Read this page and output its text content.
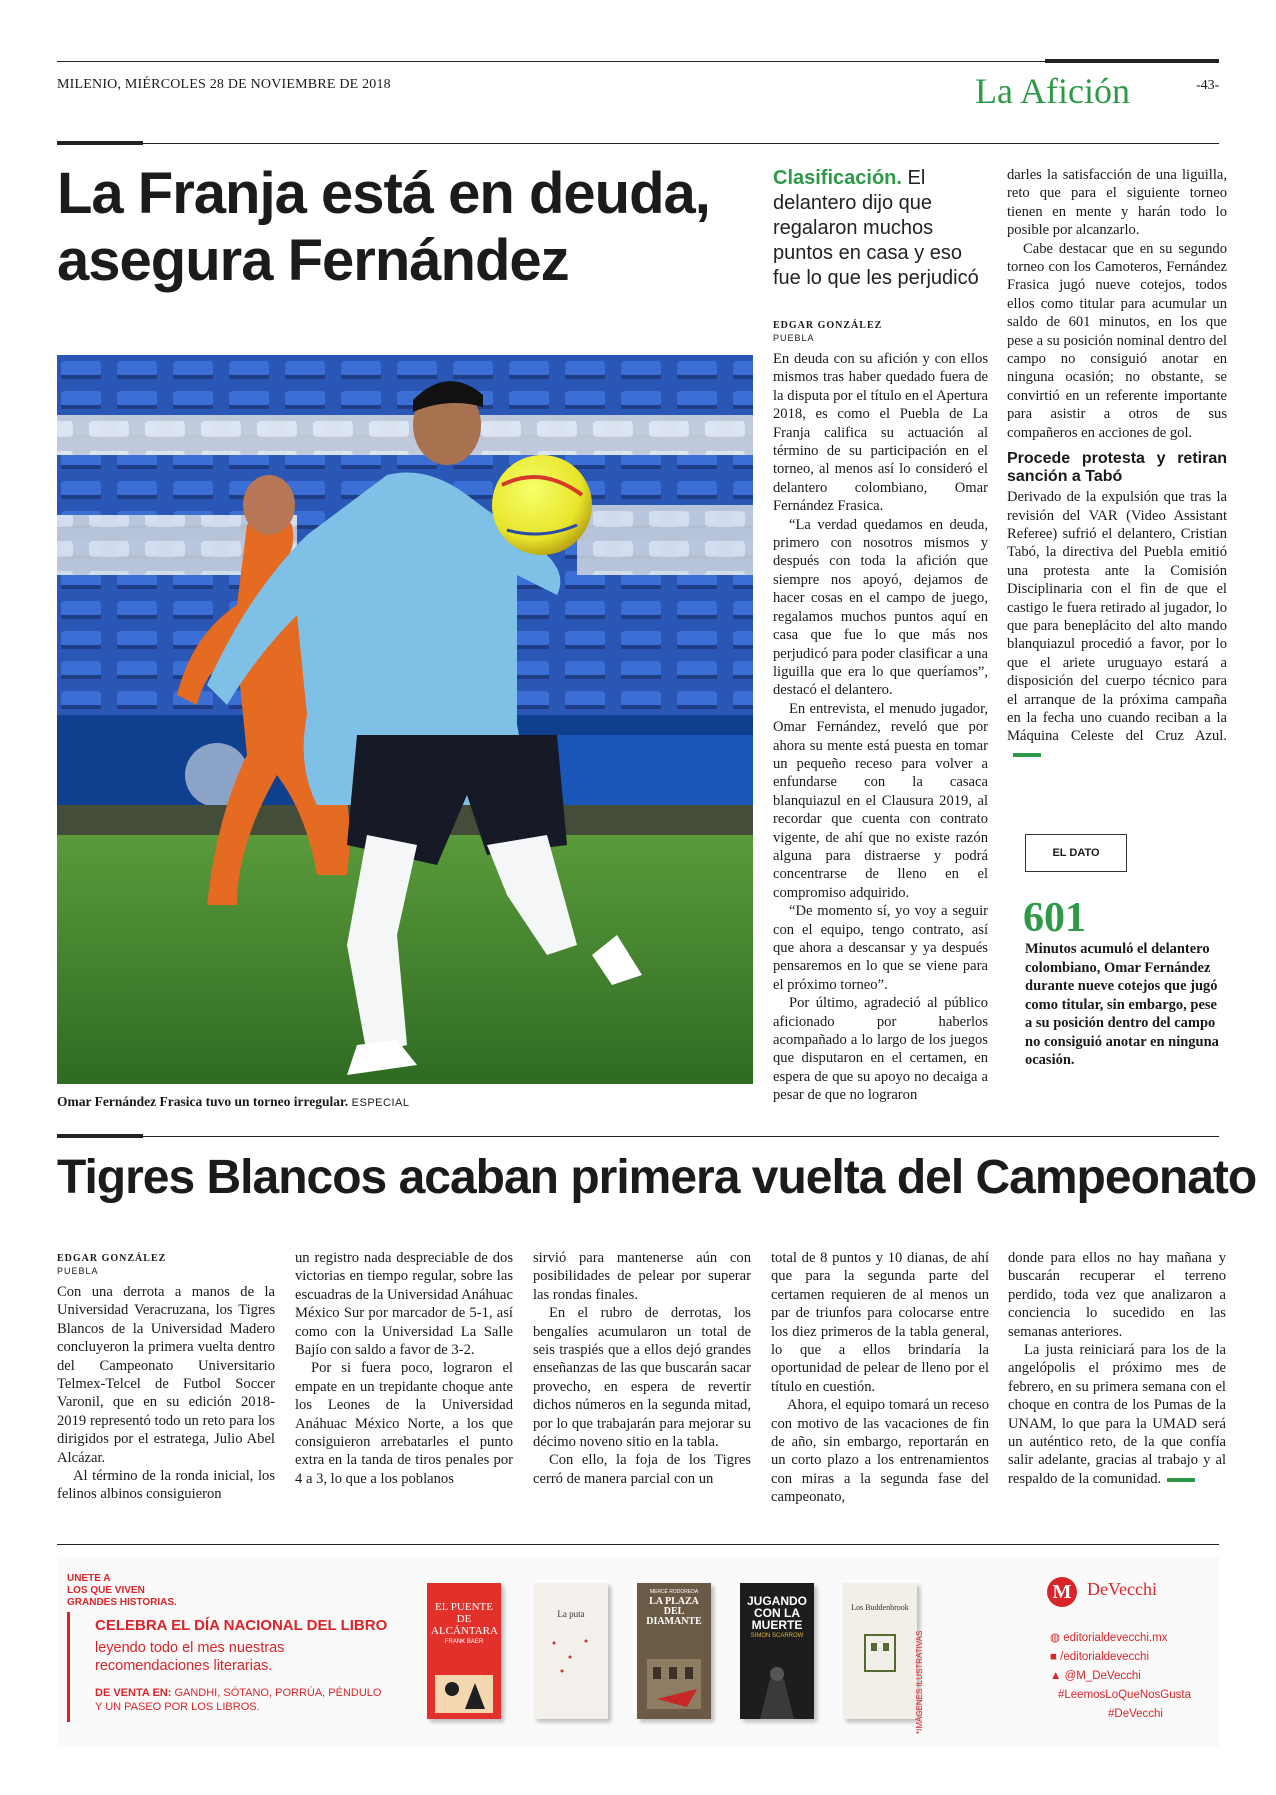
MILENIO, MIÉRCOLES 28 DE NOVIEMBRE DE 2018	La Afición	-43-
La Franja está en deuda, asegura Fernández
Omar Fernández Frasica tuvo un torneo irregular. ESPECIAL
Clasificación. El delantero dijo que regalaron muchos puntos en casa y eso fue lo que les perjudicó
EDGAR GONZÁLEZ
PUEBLA

En deuda con su afición y con ellos mismos tras haber quedado fuera de la disputa por el título en el Apertura 2018, es como el Puebla de La Franja califica su actuación al término de su participación en el torneo, al menos así lo consideró el delantero colombiano, Omar Fernández Frasica.

“La verdad quedamos en deuda, primero con nosotros mismos y después con toda la afición que siempre nos apoyó, dejamos de hacer cosas en el campo de juego, regalamos muchos puntos aquí en casa que fue lo que más nos perjudicó para poder clasificar a una liguilla que era lo que queríamos”, destacó el delantero.

En entrevista, el menudo jugador, Omar Fernández, reveló que por ahora su mente está puesta en tomar un pequeño receso para volver a enfundarse con la casaca blanquiazul en el Clausura 2019, al recordar que cuenta con contrato vigente, de ahí que no existe razón alguna para distraerse y podrá concentrarse de lleno en el compromiso adquirido.

“De momento sí, yo voy a seguir con el equipo, tengo contrato, así que ahora a descansar y ya después pensaremos en lo que se viene para el próximo torneo”.

Por último, agradeció al público aficionado por haberlos acompañado a lo largo de los juegos que disputaron en el certamen, en espera de que su apoyo no decaiga a pesar de que no lograron

darles la satisfacción de una liguilla, reto que para el siguiente torneo tienen en mente y harán todo lo posible por alcanzarlo.

Cabe destacar que en su segundo torneo con los Camoteros, Fernández Frasica jugó nueve cotejos, todos ellos como titular para acumular un saldo de 601 minutos, en los que pese a su posición nominal dentro del campo no consiguió anotar en ninguna ocasión; no obstante, se convirtió en un referente importante para asistir a otros de sus compañeros en acciones de gol.

Procede protesta y retiran sanción a Tabó

Derivado de la expulsión que tras la revisión del VAR (Video Assistant Referee) sufrió el delantero, Cristian Tabó, la directiva del Puebla emitió una protesta ante la Comisión Disciplinaria con el fin de que el castigo le fuera retirado al jugador, lo que para beneplácito del alto mando blanquiazul procedió a favor, por lo que el ariete uruguayo estará a disposición del cuerpo técnico para el arranque de la próxima campaña en la fecha uno cuando reciban a la Máquina Celeste del Cruz Azul.

EL DATO
601
Minutos acumuló el delantero colombiano, Omar Fernández durante nueve cotejos que jugó como titular, sin embargo, pese a su posición dentro del campo no consiguió anotar en ninguna ocasión.
Tigres Blancos acaban primera vuelta del Campeonato
EDGAR GONZÁLEZ
PUEBLA

Con una derrota a manos de la Universidad Veracruzana, los Tigres Blancos de la Universidad Madero concluyeron la primera vuelta dentro del Campeonato Universitario Telmex-Telcel de Futbol Soccer Varonil, que en su edición 2018-2019 representó todo un reto para los dirigidos por el estratega, Julio Abel Alcázar.

Al término de la ronda inicial, los felinos albinos consiguieron

un registro nada despreciable de dos victorias en tiempo regular, sobre las escuadras de la Universidad Anáhuac México Sur por marcador de 5-1, así como con la Universidad La Salle Bajío con saldo a favor de 3-2.

Por si fuera poco, lograron el empate en un trepidante choque ante los Leones de la Universidad Anáhuac México Norte, a los que consiguieron arrebatarles el punto extra en la tanda de tiros penales por 4 a 3, lo que a los poblanos

sirvió para mantenerse aún con posibilidades de pelear por superar las rondas finales.

En el rubro de derrotas, los bengalíes acumularon un total de seis traspiés que a ellos dejó grandes enseñanzas de las que buscarán sacar provecho, en espera de revertir dichos números en la segunda mitad, por lo que trabajarán para mejorar su décimo noveno sitio en la tabla.

Con ello, la foja de los Tigres cerró de manera parcial con un

total de 8 puntos y 10 dianas, de ahí que para la segunda parte del certamen requieren de al menos un par de triunfos para colocarse entre los diez primeros de la tabla general, lo que a ellos brindaría la oportunidad de pelear de lleno por el título en cuestión.

Ahora, el equipo tomará un receso con motivo de las vacaciones de fin de año, sin embargo, reportarán en un corto plazo a los entrenamientos con miras a la segunda fase del campeonato,

donde para ellos no hay mañana y buscarán recuperar el terreno perdido, toda vez que analizaron a conciencia lo sucedido en las semanas anteriores.

La justa reiniciará para los de la angelópolis el próximo mes de febrero, en su primera semana con el choque en contra de los Pumas de la UNAM, lo que para la UMAD será un auténtico reto, de la que confía salir adelante, gracias al trabajo y al respaldo de la comunidad.

UNETE A
LOS QUE VIVEN
GRANDES HISTORIAS.
CELEBRA EL DÍA NACIONAL DEL LIBRO
leyendo todo el mes nuestras
recomendaciones literarias.
DE VENTA EN: GANDHI, SÓTANO, PORRÚA, PÉNDULO
Y UN PASEO POR LOS LIBROS.
EL PUENTE DE ALCÁNTARA
FRANK BAER
La puta
MERCÈ RODOREDA
LA PLAZA DEL DIAMANTE
JUGANDO CON LA MUERTE
SIMON SCARROW
Los Buddenbrook
*IMÁGENES ILUSTRATIVAS
M DeVecchi
◍ editorialdevecchi.mx
■ /editorialdevecchi
▲ @M_DeVecchi
#LeemosLoQueNosGusta
#DeVecchi
